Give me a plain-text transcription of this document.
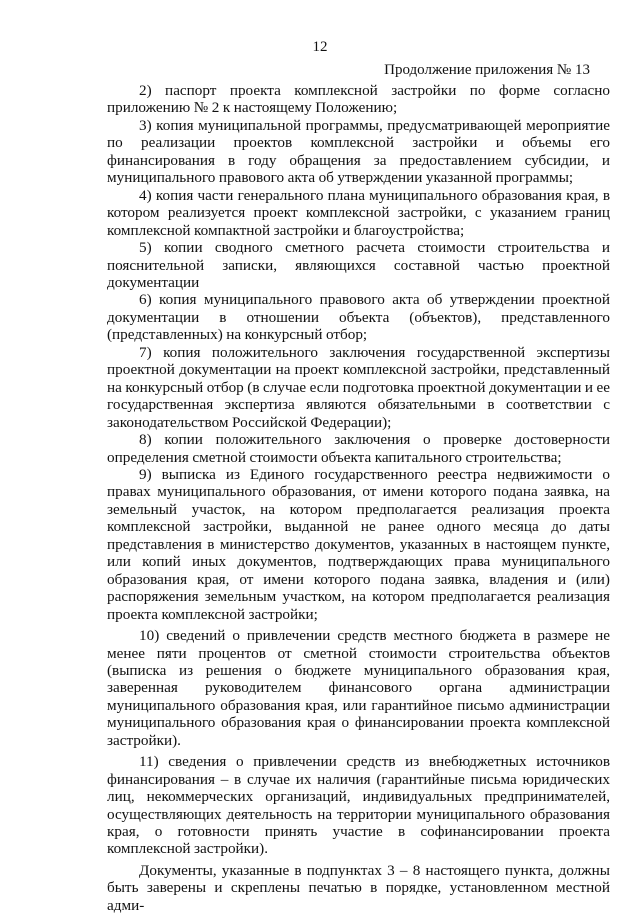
12
Продолжение приложения № 13

2) паспорт проекта комплексной застройки по форме согласно приложению № 2 к настоящему Положению;

3) копия муниципальной программы, предусматривающей мероприятие по реализации проектов комплексной застройки и объемы его финансирования в году обращения за предоставлением субсидии, и муниципального правового акта об утверждении указанной программы;

4) копия части генерального плана муниципального образования края, в котором реализуется проект комплексной застройки, с указанием границ комплексной компактной застройки и благоустройства;

5) копии сводного сметного расчета стоимости строительства и пояснительной записки, являющихся составной частью проектной документации

6) копия муниципального правового акта об утверждении проектной документации в отношении объекта (объектов), представленного (представленных) на конкурсный отбор;

7) копия положительного заключения государственной экспертизы проектной документации на проект комплексной застройки, представленный на конкурсный отбор (в случае если подготовка проектной документации и ее государственная экспертиза являются обязательными в соответствии с законодательством Российской Федерации);

8) копии положительного заключения о проверке достоверности определения сметной стоимости объекта капитального строительства;

9) выписка из Единого государственного реестра недвижимости о правах муниципального образования, от имени которого подана заявка, на земельный участок, на котором предполагается реализация проекта комплексной застройки, выданной не ранее одного месяца до даты представления в министерство документов, указанных в настоящем пункте, или копий иных документов, подтверждающих права муниципального образования края, от имени которого подана заявка, владения и (или) распоряжения земельным участком, на котором предполагается реализация проекта комплексной застройки;

10) сведений о привлечении средств местного бюджета в размере не менее пяти процентов от сметной стоимости строительства объектов (выписка из решения о бюджете муниципального образования края, заверенная руководителем финансового органа администрации муниципального образования края, или гарантийное письмо администрации муниципального образования края о финансировании проекта комплексной застройки).

11) сведения о привлечении средств из внебюджетных источников финансирования – в случае их наличия (гарантийные письма юридических лиц, некоммерческих организаций, индивидуальных предпринимателей, осуществляющих деятельность на территории муниципального образования края, о готовности принять участие в софинансировании проекта комплексной застройки).

Документы, указанные в подпунктах 3 – 8 настоящего пункта, должны быть заверены и скреплены печатью в порядке, установленном местной адми-
